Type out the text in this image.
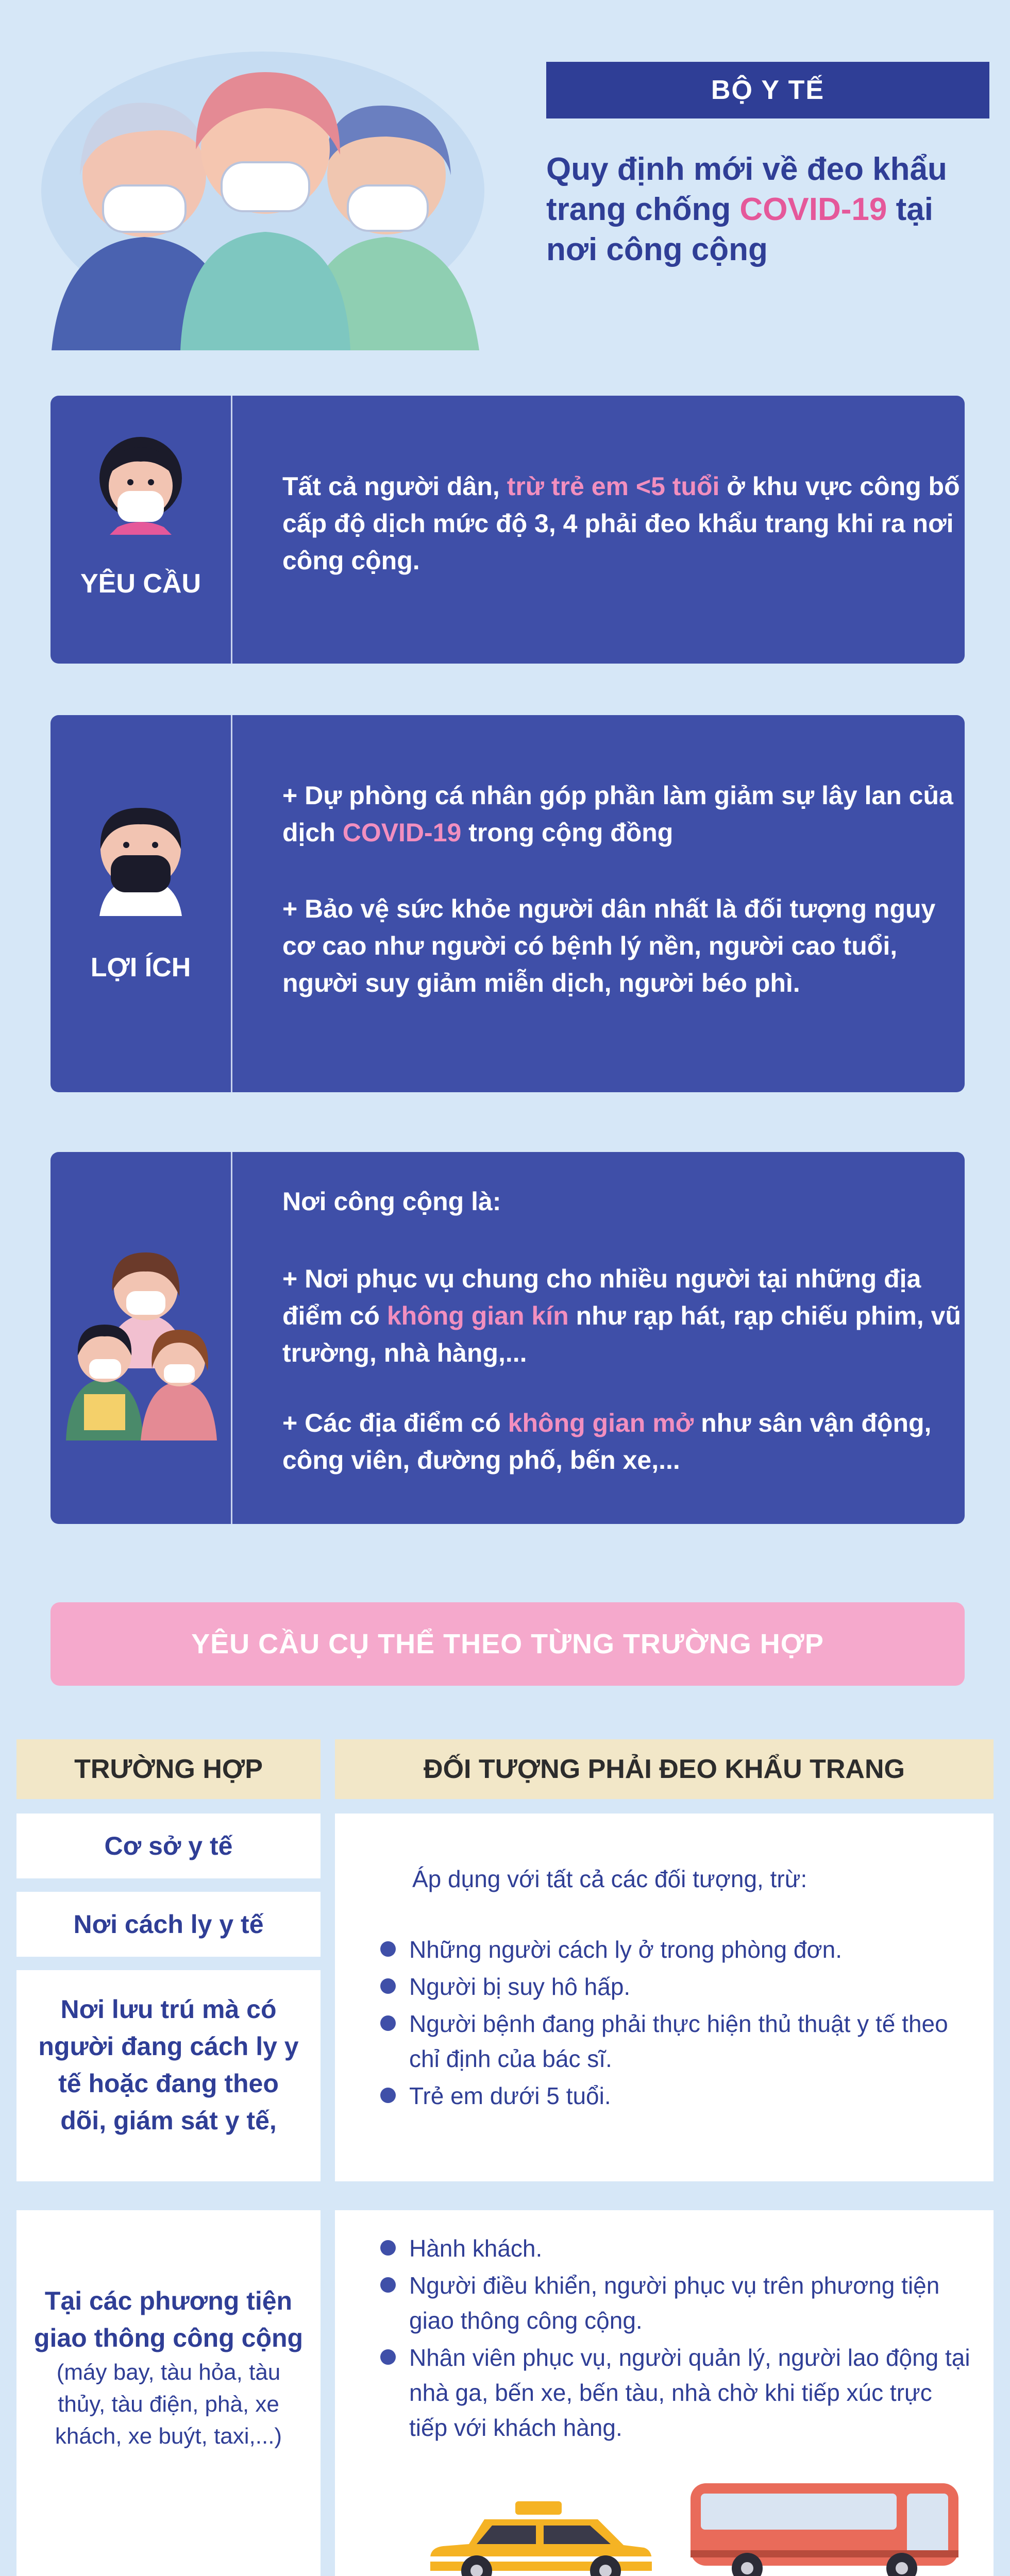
BỘ Y TẾ
Quy định mới về đeo khẩu trang chống COVID-19 tại nơi công cộng
YÊU CẦU
Tất cả người dân, trừ trẻ em <5 tuổi ở khu vực công bố cấp độ dịch mức độ 3, 4 phải đeo khẩu trang khi ra nơi công cộng.
LỢI ÍCH
+ Dự phòng cá nhân góp phần làm giảm sự lây lan của dịch COVID-19 trong cộng đồng
+ Bảo vệ sức khỏe người dân nhất là đối tượng nguy cơ cao như người có bệnh lý nền, người cao tuổi, người suy giảm miễn dịch, người béo phì.
Nơi công cộng là:
+ Nơi phục vụ chung cho nhiều người tại những địa điểm có không gian kín như rạp hát, rạp chiếu phim, vũ trường, nhà hàng,...
+ Các địa điểm có không gian mở như sân vận động, công viên, đường phố, bến xe,...
YÊU CẦU CỤ THỂ THEO TỪNG TRƯỜNG HỢP
TRƯỜNG HỢP	ĐỐI TƯỢNG PHẢI ĐEO KHẨU TRANG
Cơ sở y tế
Nơi cách ly y tế
Nơi lưu trú mà có người đang cách ly y tế hoặc đang theo dõi, giám sát y tế,
Áp dụng với tất cả các đối tượng, trừ:
Những người cách ly ở trong phòng đơn.
Người bị suy hô hấp.
Người bệnh đang phải thực hiện thủ thuật y tế theo chỉ định của bác sĩ.
Trẻ em dưới 5 tuổi.
Tại các phương tiện giao thông công cộng
(máy bay, tàu hỏa, tàu thủy, tàu điện, phà, xe khách, xe buýt, taxi,...)
Hành khách.
Người điều khiển, người phục vụ trên phương tiện giao thông công cộng.
Nhân viên phục vụ, người quản lý, người lao động tại nhà ga, bến xe, bến tàu, nhà chờ khi tiếp xúc trực tiếp với khách hàng.
